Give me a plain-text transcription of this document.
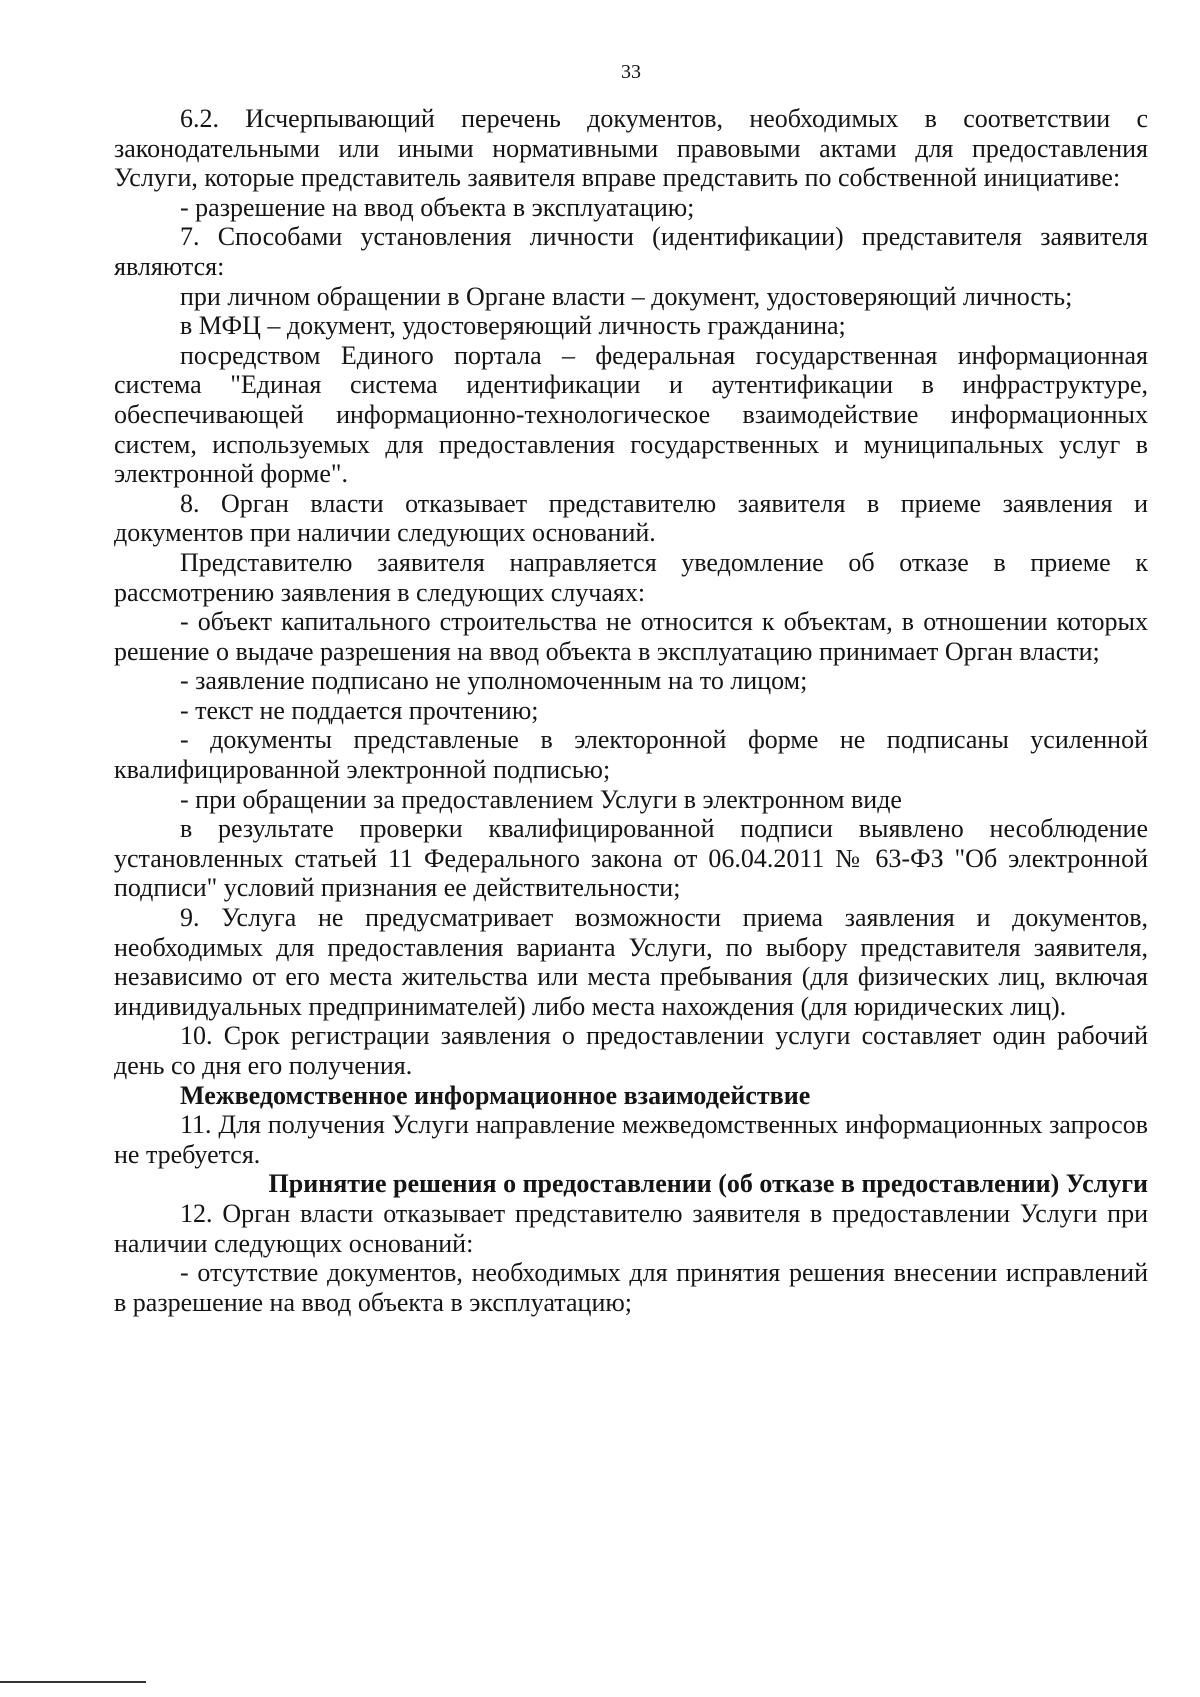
33

6.2. Исчерпывающий перечень документов, необходимых в соответствии с законодательными или иными нормативными правовыми актами для предоставления Услуги, которые представитель заявителя вправе представить по собственной инициативе:

- разрешение на ввод объекта в эксплуатацию;

7. Способами установления личности (идентификации) представителя заявителя являются:

при личном обращении в Органе власти – документ, удостоверяющий личность;

в МФЦ – документ, удостоверяющий личность гражданина;

посредством Единого портала – федеральная государственная информационная система "Единая система идентификации и аутентификации в инфраструктуре, обеспечивающей информационно-технологическое взаимодействие информационных систем, используемых для предоставления государственных и муниципальных услуг в электронной форме".

8. Орган власти отказывает представителю заявителя в приеме заявления и документов при наличии следующих оснований.

Представителю заявителя направляется уведомление об отказе в приеме к рассмотрению заявления в следующих случаях:

- объект капитального строительства не относится к объектам, в отношении которых решение о выдаче разрешения на ввод объекта в эксплуатацию принимает Орган власти;

- заявление подписано не уполномоченным на то лицом;

- текст не поддается прочтению;

- документы представленые в электоронной форме не подписаны усиленной квалифицированной электронной подписью;

- при обращении за предоставлением Услуги в электронном виде

в результате проверки квалифицированной подписи выявлено несоблюдение установленных статьей 11 Федерального закона от 06.04.2011 № 63-ФЗ "Об электронной подписи" условий признания ее действительности;

9. Услуга не предусматривает возможности приема заявления и документов, необходимых для предоставления варианта Услуги, по выбору представителя заявителя, независимо от его места жительства или места пребывания (для физических лиц, включая индивидуальных предпринимателей) либо места нахождения (для юридических лиц).

10. Срок регистрации заявления о предоставлении услуги составляет один рабочий день со дня его получения.

Межведомственное информационное взаимодействие

11. Для получения Услуги направление межведомственных информационных запросов не требуется.

Принятие решения о предоставлении (об отказе в предоставлении) Услуги

12. Орган власти отказывает представителю заявителя в предоставлении Услуги при наличии следующих оснований:

- отсутствие документов, необходимых для принятия решения внесении исправлений в разрешение на ввод объекта в эксплуатацию;
